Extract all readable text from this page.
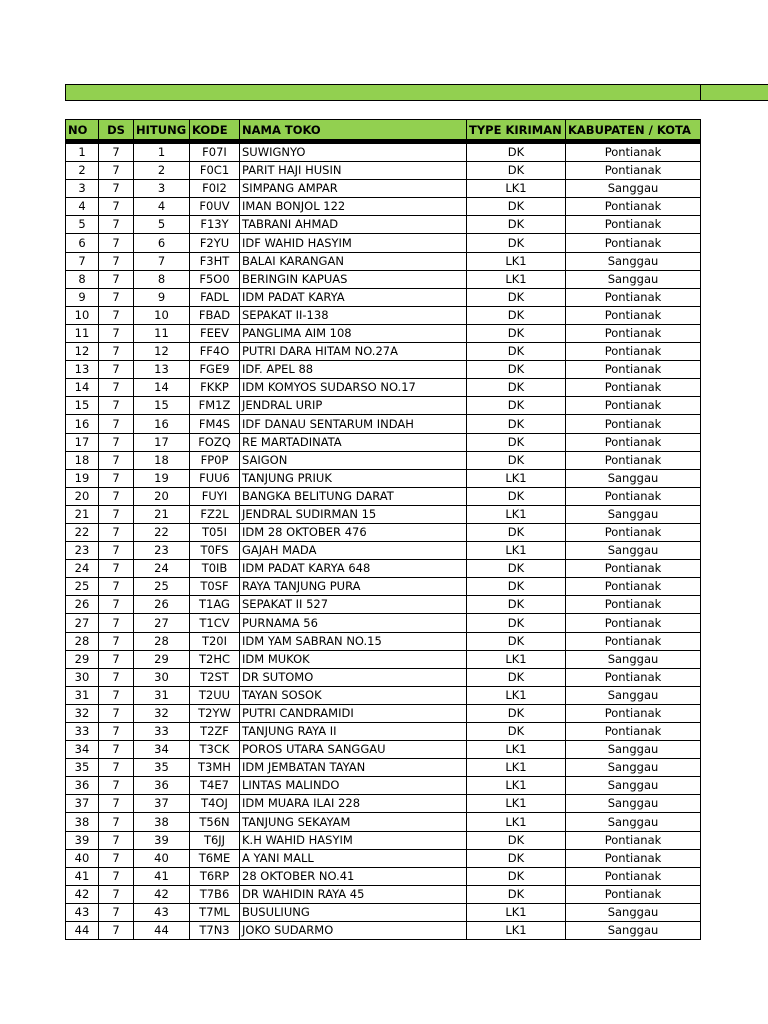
NO	DS	HITUNG	KODE	NAMA TOKO	TYPE KIRIMAN	KABUPATEN / KOTA
1	7	1	F07I	SUWIGNYO	DK	Pontianak
2	7	2	F0C1	PARIT HAJI HUSIN	DK	Pontianak
3	7	3	F0I2	SIMPANG AMPAR	LK1	Sanggau
4	7	4	F0UV	IMAN BONJOL 122	DK	Pontianak
5	7	5	F13Y	TABRANI AHMAD	DK	Pontianak
6	7	6	F2YU	IDF WAHID HASYIM	DK	Pontianak
7	7	7	F3HT	BALAI KARANGAN	LK1	Sanggau
8	7	8	F5O0	BERINGIN KAPUAS	LK1	Sanggau
9	7	9	FADL	IDM PADAT KARYA	DK	Pontianak
10	7	10	FBAD	SEPAKAT II-138	DK	Pontianak
11	7	11	FEEV	PANGLIMA AIM 108	DK	Pontianak
12	7	12	FF4O	PUTRI DARA HITAM NO.27A	DK	Pontianak
13	7	13	FGE9	IDF. APEL 88	DK	Pontianak
14	7	14	FKKP	IDM KOMYOS SUDARSO NO.17	DK	Pontianak
15	7	15	FM1Z	JENDRAL URIP	DK	Pontianak
16	7	16	FM4S	IDF DANAU SENTARUM INDAH	DK	Pontianak
17	7	17	FOZQ	RE MARTADINATA	DK	Pontianak
18	7	18	FP0P	SAIGON	DK	Pontianak
19	7	19	FUU6	TANJUNG PRIUK	LK1	Sanggau
20	7	20	FUYI	BANGKA BELITUNG DARAT	DK	Pontianak
21	7	21	FZ2L	JENDRAL SUDIRMAN 15	LK1	Sanggau
22	7	22	T05I	IDM 28 OKTOBER 476	DK	Pontianak
23	7	23	T0FS	GAJAH MADA	LK1	Sanggau
24	7	24	T0IB	IDM PADAT KARYA 648	DK	Pontianak
25	7	25	T0SF	RAYA TANJUNG PURA	DK	Pontianak
26	7	26	T1AG	SEPAKAT II 527	DK	Pontianak
27	7	27	T1CV	PURNAMA 56	DK	Pontianak
28	7	28	T20I	IDM YAM SABRAN NO.15	DK	Pontianak
29	7	29	T2HC	IDM MUKOK	LK1	Sanggau
30	7	30	T2ST	DR SUTOMO	DK	Pontianak
31	7	31	T2UU	TAYAN SOSOK	LK1	Sanggau
32	7	32	T2YW	PUTRI CANDRAMIDI	DK	Pontianak
33	7	33	T2ZF	TANJUNG RAYA II	DK	Pontianak
34	7	34	T3CK	POROS UTARA SANGGAU	LK1	Sanggau
35	7	35	T3MH	IDM JEMBATAN TAYAN	LK1	Sanggau
36	7	36	T4E7	LINTAS MALINDO	LK1	Sanggau
37	7	37	T4OJ	IDM MUARA ILAI 228	LK1	Sanggau
38	7	38	T56N	TANJUNG SEKAYAM	LK1	Sanggau
39	7	39	T6JJ	K.H WAHID HASYIM	DK	Pontianak
40	7	40	T6ME	A YANI MALL	DK	Pontianak
41	7	41	T6RP	28 OKTOBER NO.41	DK	Pontianak
42	7	42	T7B6	DR WAHIDIN RAYA 45	DK	Pontianak
43	7	43	T7ML	BUSULIUNG	LK1	Sanggau
44	7	44	T7N3	JOKO SUDARMO	LK1	Sanggau
